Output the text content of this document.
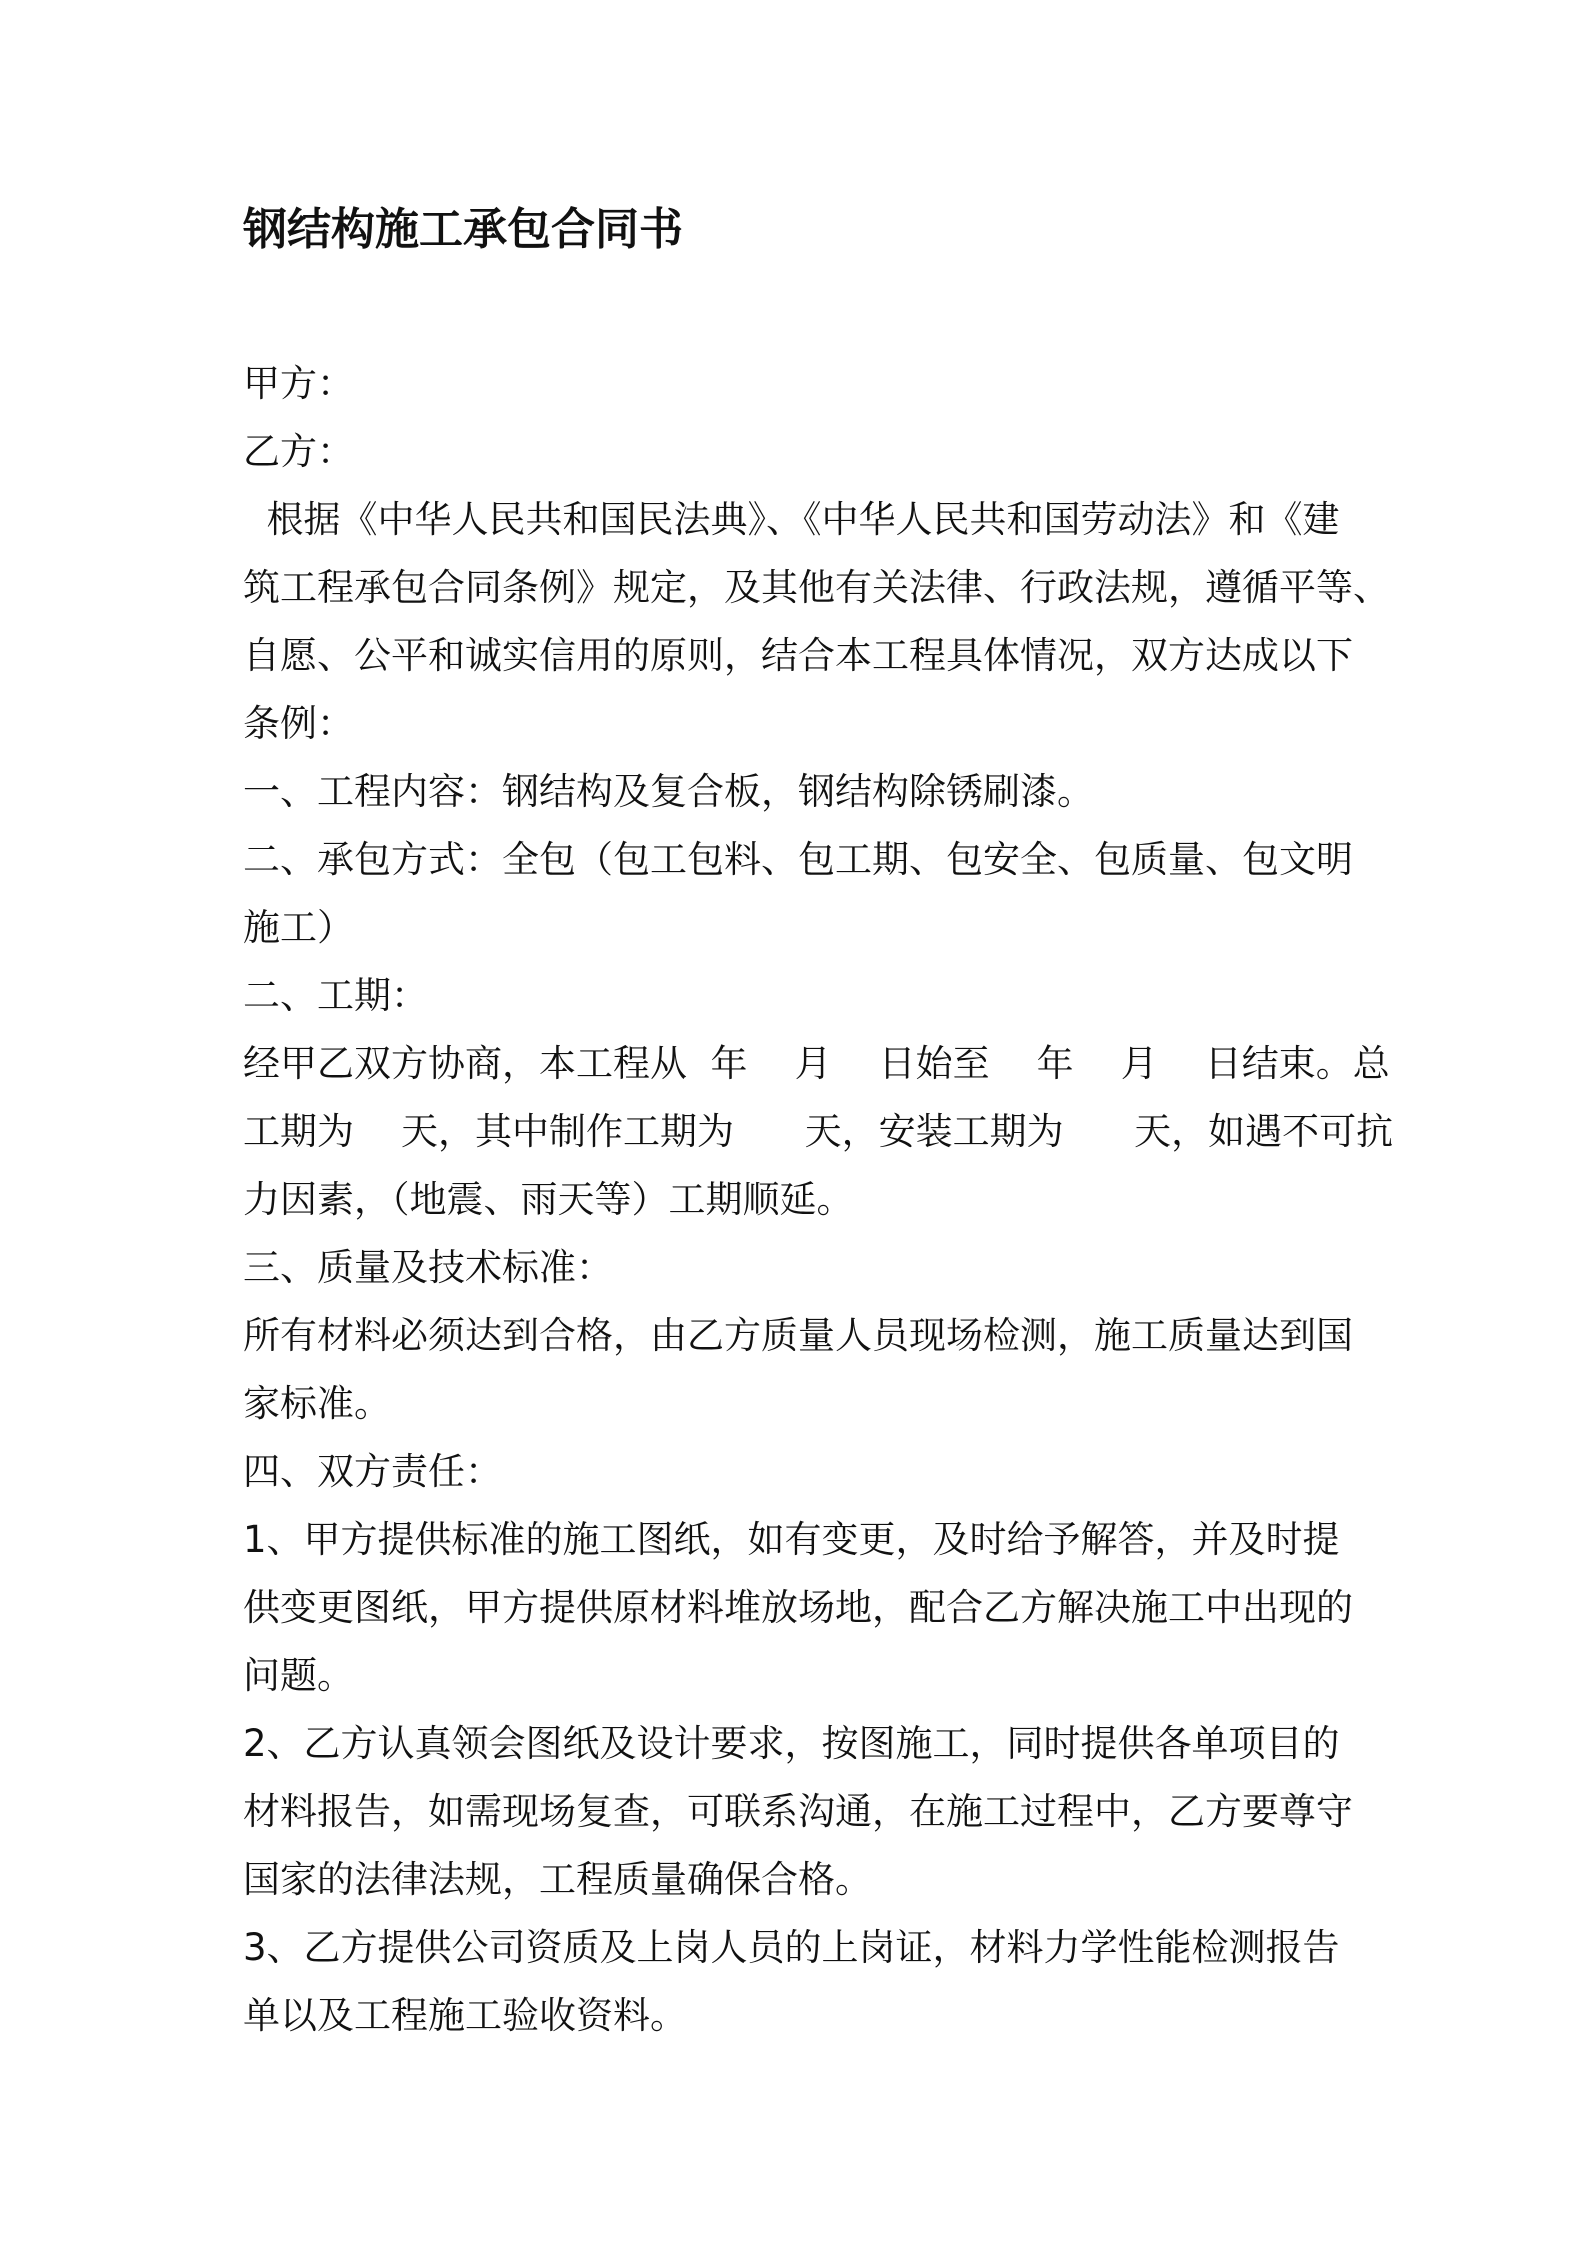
钢结构施工承包合同书
甲方：
乙方：
根据《中华人民共和国民法典》、《中华人民共和国劳动法》和《建
筑工程承包合同条例》规定，及其他有关法律、行政法规，遵循平等、
自愿、公平和诚实信用的原则，结合本工程具体情况，双方达成以下
条例：
一、工程内容：钢结构及复合板，钢结构除锈刷漆。
二、承包方式：全包（包工包料、包工期、包安全、包质量、包文明
施工）
二、工期：
经甲乙双方协商，本工程从  年    月    日始至    年    月    日结束。总
工期为    天，其中制作工期为      天，安装工期为      天，如遇不可抗
力因素，（地震、雨天等）工期顺延。
三、质量及技术标准：
所有材料必须达到合格，由乙方质量人员现场检测，施工质量达到国
家标准。
四、双方责任：
1、甲方提供标准的施工图纸，如有变更，及时给予解答，并及时提
供变更图纸，甲方提供原材料堆放场地，配合乙方解决施工中出现的
问题。
2、乙方认真领会图纸及设计要求，按图施工，同时提供各单项目的
材料报告，如需现场复查，可联系沟通，在施工过程中，乙方要尊守
国家的法律法规，工程质量确保合格。
3、乙方提供公司资质及上岗人员的上岗证，材料力学性能检测报告
单以及工程施工验收资料。
